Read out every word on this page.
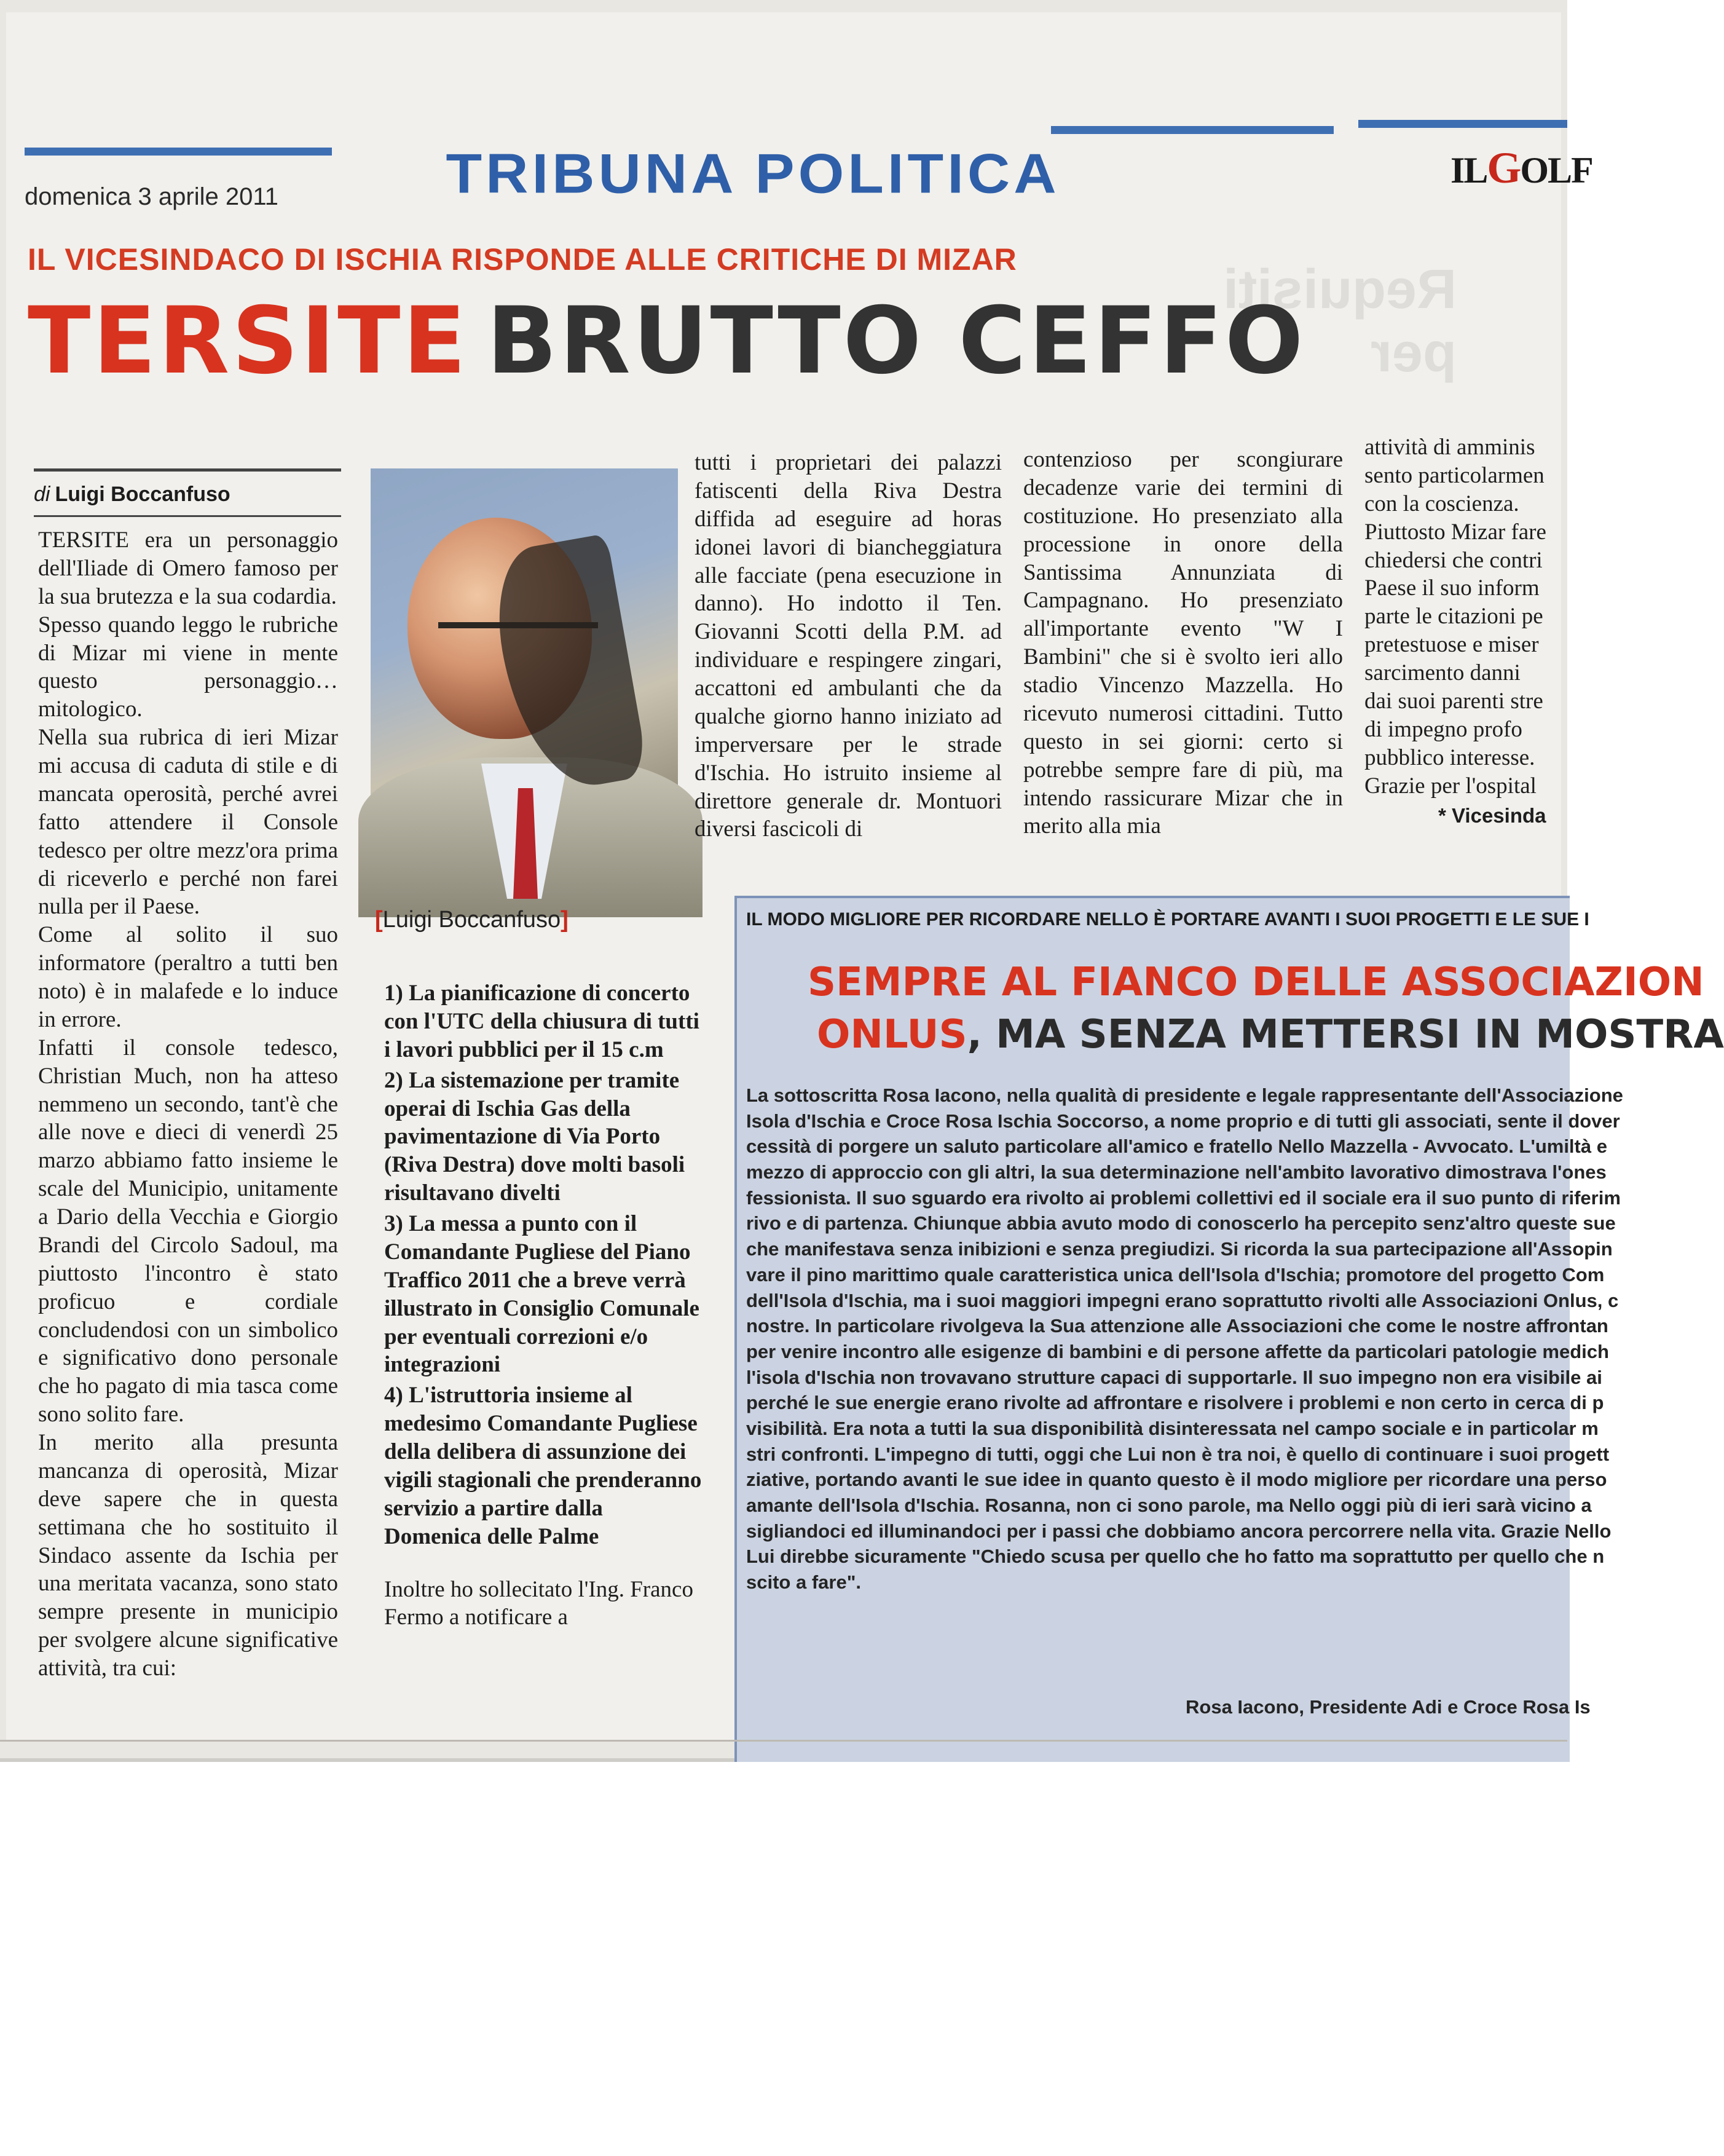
domenica 3 aprile 2011	TRIBUNA POLITICA	ILGOLF
Requisiti per
IL VICESINDACO DI ISCHIA RISPONDE ALLE CRITICHE DI MIZAR
TERSITE BRUTTO CEFFO
di Luigi Boccanfuso

TERSITE era un personaggio dell'Iliade di Omero famoso per la sua brutezza e la sua codardia.

Spesso quando leggo le rubriche di Mizar mi viene in mente questo personaggio… mitologico.

Nella sua rubrica di ieri Mizar mi accusa di caduta di stile e di mancata operosità, perché avrei fatto attendere il Console tedesco per oltre mezz'ora prima di riceverlo e perché non farei nulla per il Paese.

Come al solito il suo informatore (peraltro a tutti ben noto) è in malafede e lo induce in errore.

Infatti il console tedesco, Christian Much, non ha atteso nemmeno un secondo, tant'è che alle nove e dieci di venerdì 25 marzo abbiamo fatto insieme le scale del Municipio, unitamente a Dario della Vecchia e Giorgio Brandi del Circolo Sadoul, ma piuttosto l'incontro è stato proficuo e cordiale concludendosi con un simbolico e significativo dono personale che ho pagato di mia tasca come sono solito fare.

In merito alla presunta mancanza di operosità, Mizar deve sapere che in questa settimana che ho sostituito il Sindaco assente da Ischia per una meritata vacanza, sono stato sempre presente in municipio per svolgere alcune significative attività, tra cui:

[Luigi Boccanfuso]

1) La pianificazione di concerto con l'UTC della chiusura di tutti i lavori pubblici per il 15 c.m

2) La sistemazione per tramite operai di Ischia Gas della pavimentazione di Via Porto (Riva Destra) dove molti basoli risultavano divelti

3) La messa a punto con il Comandante Pugliese del Piano Traffico 2011 che a breve verrà illustrato in Consiglio Comunale per eventuali correzioni e/o integrazioni

4) L'istruttoria insieme al medesimo Comandante Pugliese della delibera di assunzione dei vigili stagionali che prenderanno servizio a partire dalla Domenica delle Palme

Inoltre ho sollecitato l'Ing. Franco Fermo a notificare a

tutti i proprietari dei palazzi fatiscenti della Riva Destra diffida ad eseguire ad horas idonei lavori di biancheggiatura alle facciate (pena esecuzione in danno). Ho indotto il Ten. Giovanni Scotti della P.M. ad individuare e respingere zingari, accattoni ed ambulanti che da qualche giorno hanno iniziato ad imperversare per le strade d'Ischia. Ho istruito insieme al direttore generale dr. Montuori diversi fascicoli di

contenzioso per scongiurare decadenze varie dei termini di costituzione. Ho presenziato alla processione in onore della Santissima Annunziata di Campagnano. Ho presenziato all'importante evento "W I Bambini" che si è svolto ieri allo stadio Vincenzo Mazzella. Ho ricevuto numerosi cittadini. Tutto questo in sei giorni: certo si potrebbe sempre fare di più, ma intendo rassicurare Mizar che in merito alla mia

attività di amminis

sento particolarmen

con la coscienza.

Piuttosto Mizar fare

chiedersi che contri

Paese il suo inform

parte le citazioni pe

pretestuose e miser

sarcimento danni

dai suoi parenti stre

di impegno profo

pubblico interesse.

Grazie per l'ospital

* Vicesinda

IL MODO MIGLIORE PER RICORDARE NELLO È PORTARE AVANTI I SUOI PROGETTI E LE SUE I
SEMPRE AL FIANCO DELLE ASSOCIAZION
ONLUS, MA SENZA METTERSI IN MOSTRA

La sottoscritta Rosa Iacono, nella qualità di presidente e legale rappresentante dell'Associazione

Isola d'Ischia e Croce Rosa Ischia Soccorso, a nome proprio e di tutti gli associati, sente il dover

cessità di porgere un saluto particolare all'amico e fratello Nello Mazzella - Avvocato. L'umiltà e

mezzo di approccio con gli altri, la sua determinazione nell'ambito lavorativo dimostrava l'ones

fessionista. Il suo sguardo era rivolto ai problemi collettivi ed il sociale era il suo punto di riferim

rivo e di partenza. Chiunque abbia avuto modo di conoscerlo ha percepito senz'altro queste sue

che manifestava senza inibizioni e senza pregiudizi. Si ricorda la sua partecipazione all'Assopin

vare il pino marittimo quale caratteristica unica dell'Isola d'Ischia; promotore del progetto Com

dell'Isola d'Ischia, ma i suoi maggiori impegni erano soprattutto rivolti alle Associazioni Onlus, c

nostre. In particolare rivolgeva la Sua attenzione alle Associazioni che come le nostre affrontan

per venire incontro alle esigenze di bambini e di persone affette da particolari patologie medich

l'isola d'Ischia non trovavano strutture capaci di supportarle. Il suo impegno non era visibile ai

perché le sue energie erano rivolte ad affrontare e risolvere i problemi e non certo in cerca di p

visibilità. Era nota a tutti la sua disponibilità disinteressata nel campo sociale e in particolar m

stri confronti. L'impegno di tutti, oggi che Lui non è tra noi, è quello di continuare i suoi progett

ziative, portando avanti le sue idee in quanto questo è il modo migliore per ricordare una perso

amante dell'Isola d'Ischia. Rosanna, non ci sono parole, ma Nello oggi più di ieri sarà vicino a

sigliandoci ed illuminandoci per i passi che dobbiamo ancora percorrere nella vita. Grazie Nello

Lui direbbe sicuramente "Chiedo scusa per quello che ho fatto ma soprattutto per quello che n

scito a fare".

Rosa Iacono, Presidente Adi e Croce Rosa Is
